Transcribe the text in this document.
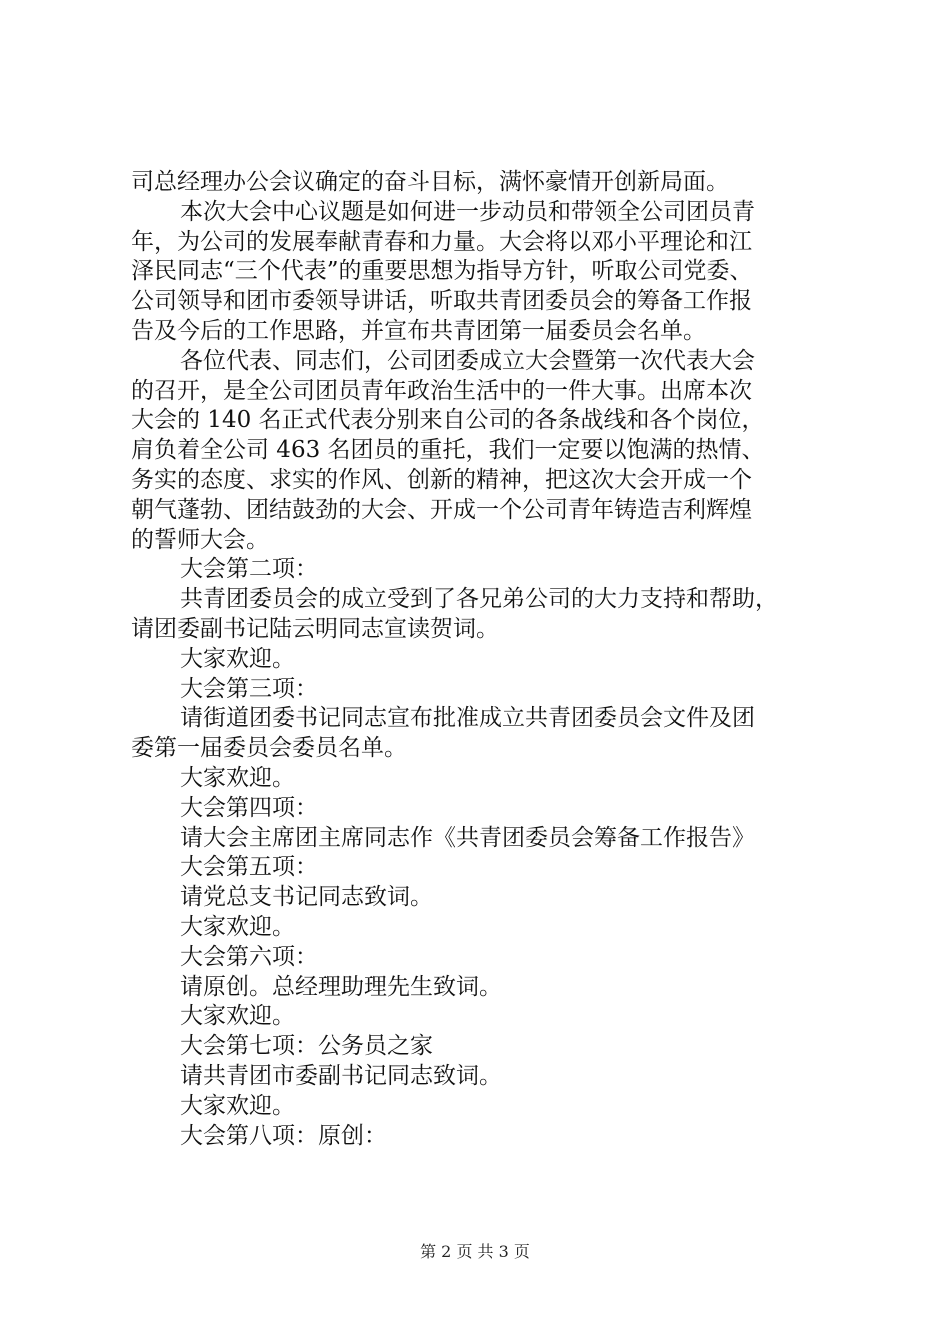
司总经理办公会议确定的奋斗目标，满怀豪情开创新局面。
本次大会中心议题是如何进一步动员和带领全公司团员青
年，为公司的发展奉献青春和力量。大会将以邓小平理论和江
泽民同志“三个代表”的重要思想为指导方针，听取公司党委、
公司领导和团市委领导讲话，听取共青团委员会的筹备工作报
告及今后的工作思路，并宣布共青团第一届委员会名单。
各位代表、同志们，公司团委成立大会暨第一次代表大会
的召开，是全公司团员青年政治生活中的一件大事。出席本次
大会的 140 名正式代表分别来自公司的各条战线和各个岗位，
肩负着全公司 463 名团员的重托，我们一定要以饱满的热情、
务实的态度、求实的作风、创新的精神，把这次大会开成一个
朝气蓬勃、团结鼓劲的大会、开成一个公司青年铸造吉利辉煌
的誓师大会。
大会第二项：
共青团委员会的成立受到了各兄弟公司的大力支持和帮助，
请团委副书记陆云明同志宣读贺词。
大家欢迎。
大会第三项：
请街道团委书记同志宣布批准成立共青团委员会文件及团
委第一届委员会委员名单。
大家欢迎。
大会第四项：
请大会主席团主席同志作《共青团委员会筹备工作报告》
大会第五项：
请党总支书记同志致词。
大家欢迎。
大会第六项：
请原创。总经理助理先生致词。
大家欢迎。
大会第七项：公务员之家
请共青团市委副书记同志致词。
大家欢迎。
大会第八项：原创：
第 2 页 共 3 页
